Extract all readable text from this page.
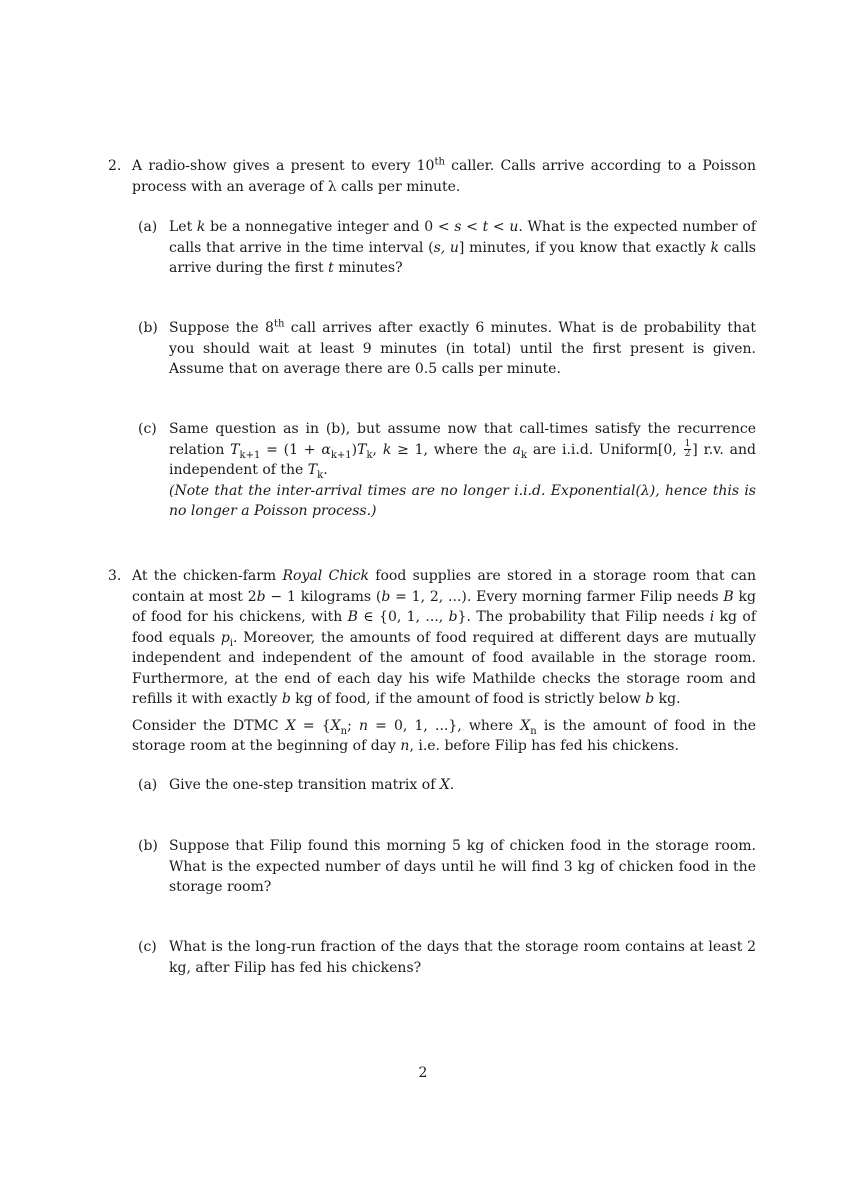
2. A radio-show gives a present to every 10th caller. Calls arrive according to a Poisson process with an average of λ calls per minute.

(a) Let k be a nonnegative integer and 0 < s < t < u. What is the expected number of calls that arrive in the time interval (s, u] minutes, if you know that exactly k calls arrive during the first t minutes?

(b) Suppose the 8th call arrives after exactly 6 minutes. What is de probability that you should wait at least 9 minutes (in total) until the first present is given. Assume that on average there are 0.5 calls per minute.

(c) Same question as in (b), but assume now that call-times satisfy the recurrence relation $T_{k+1} = (1 + \alpha_{k+1})T_k$, k ≥ 1, where the $a_k$ are i.i.d. Uniform[0, $\frac{1}{2}$ ] r.v. and independent of the $T_k$.

(Note that the inter-arrival times are no longer i.i.d. Exponential(λ), hence this is no longer a Poisson process.)

3. At the chicken-farm Royal Chick food supplies are stored in a storage room that can contain at most 2b − 1 kilograms (b = 1, 2, ...). Every morning farmer Filip needs B kg of food for his chickens, with B ∈ {0, 1, ..., b}. The probability that Filip needs i kg of food equals $p_i$. Moreover, the amounts of food required at different days are mutually independent and independent of the amount of food available in the storage room. Furthermore, at the end of each day his wife Mathilde checks the storage room and refills it with exactly b kg of food, if the amount of food is strictly below b kg.

Consider the DTMC $X = \{X_n$; n = 0, 1, ...}, where $X_n$ is the amount of food in the storage room at the beginning of day n, i.e. before Filip has fed his chickens.

(a) Give the one-step transition matrix of X.

(b) Suppose that Filip found this morning 5 kg of chicken food in the storage room. What is the expected number of days until he will find 3 kg of chicken food in the storage room?

(c) What is the long-run fraction of the days that the storage room contains at least 2 kg, after Filip has fed his chickens?

2
